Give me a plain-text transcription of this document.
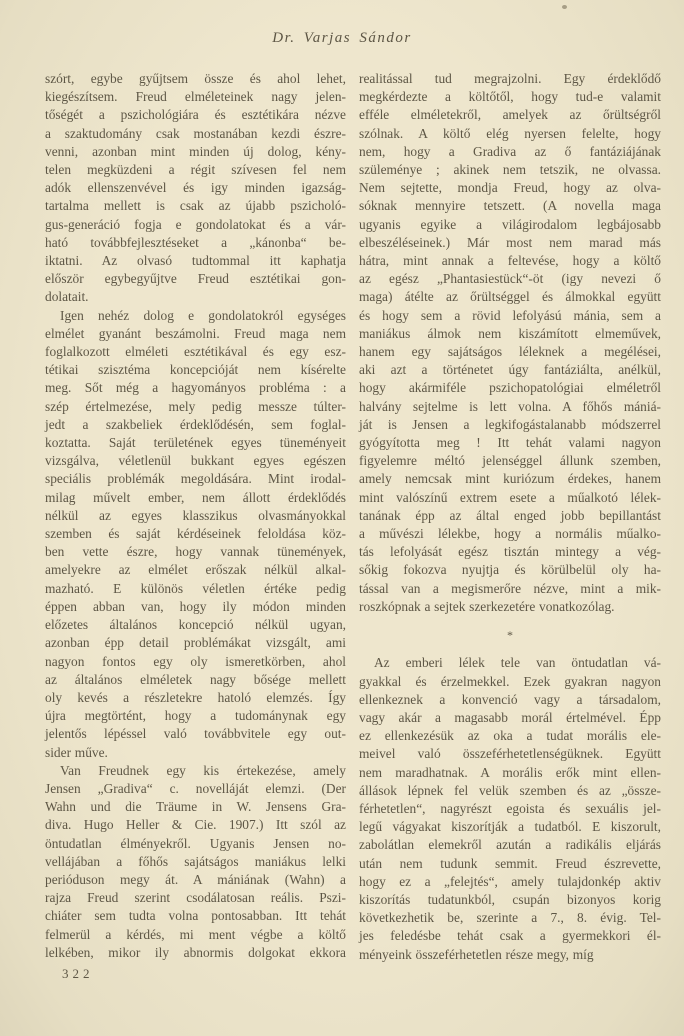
Dr. Varjas Sándor
szórt, egybe gyűjtsem össze és ahol lehet,
kiegészítsem. Freud elméleteinek nagy jelen-
tőségét a pszichológiára és esztétikára nézve
a szaktudomány csak mostanában kezdi észre-
venni, azonban mint minden új dolog, kény-
telen megküzdeni a régit szívesen fel nem
adók ellenszenvével és igy minden igazság-
tartalma mellett is csak az újabb pszicholó-
gus-generáció fogja e gondolatokat és a vár-
ható továbbfejlesztéseket a „kánonba“ be-
iktatni. Az olvasó tudtommal itt kaphatja
először egybegyűjtve Freud esztétikai gon-
dolatait.
Igen nehéz dolog e gondolatokról egységes
elmélet gyanánt beszámolni. Freud maga nem
foglalkozott elméleti esztétikával és egy esz-
tétikai szisztéma koncepcióját nem kísérelte
meg. Sőt még a hagyományos probléma : a
szép értelmezése, mely pedig messze túlter-
jedt a szakbeliek érdeklődésén, sem foglal-
koztatta. Saját területének egyes tüneményeit
vizsgálva, véletlenül bukkant egyes egészen
speciális problémák megoldására. Mint irodal-
milag művelt ember, nem állott érdeklődés
nélkül az egyes klasszikus olvasmányokkal
szemben és saját kérdéseinek feloldása köz-
ben vette észre, hogy vannak tünemények,
amelyekre az elmélet erőszak nélkül alkal-
mazható. E különös véletlen értéke pedig
éppen abban van, hogy ily módon minden
előzetes általános koncepció nélkül ugyan,
azonban épp detail problémákat vizsgált, ami
nagyon fontos egy oly ismeretkörben, ahol
az általános elméletek nagy bősége mellett
oly kevés a részletekre hatoló elemzés. Így
újra megtörtént, hogy a tudománynak egy
jelentős lépéssel való továbbvitele egy out-
sider műve.
Van Freudnek egy kis értekezése, amely
Jensen „Gradiva“ c. novelláját elemzi. (Der
Wahn und die Träume in W. Jensens Gra-
diva. Hugo Heller & Cie. 1907.) Itt szól az
öntudatlan élményekről. Ugyanis Jensen no-
vellájában a főhős sajátságos maniákus lelki
perióduson megy át. A mániának (Wahn) a
rajza Freud szerint csodálatosan reális. Pszi-
chiáter sem tudta volna pontosabban. Itt tehát
felmerül a kérdés, mi ment végbe a költő
lelkében, mikor ily abnormis dolgokat ekkora
realitással tud megrajzolni. Egy érdeklődő
megkérdezte a költőtől, hogy tud-e valamit
efféle elméletekről, amelyek az őrültségről
szólnak. A költő elég nyersen felelte, hogy
nem, hogy a Gradiva az ő fantáziájának
szüleménye ; akinek nem tetszik, ne olvassa.
Nem sejtette, mondja Freud, hogy az olva-
sóknak mennyire tetszett. (A novella maga
ugyanis egyike a világirodalom legbájosabb
elbeszéléseinek.) Már most nem marad más
hátra, mint annak a feltevése, hogy a költő
az egész „Phantasiestück“-öt (igy nevezi ő
maga) átélte az őrültséggel és álmokkal együtt
és hogy sem a rövid lefolyású mánia, sem a
maniákus álmok nem kiszámított elmeművek,
hanem egy sajátságos léleknek a megélései,
aki azt a történetet úgy fantáziálta, anélkül,
hogy akármiféle pszichopatológiai elméletről
halvány sejtelme is lett volna. A főhős mániá-
ját is Jensen a legkifogástalanabb módszerrel
gyógyította meg ! Itt tehát valami nagyon
figyelemre méltó jelenséggel állunk szemben,
amely nemcsak mint kuriózum érdekes, hanem
mint valószínű extrem esete a műalkotó lélek-
tanának épp az által enged jobb bepillantást
a művészi lélekbe, hogy a normális műalko-
tás lefolyását egész tisztán mintegy a vég-
sőkig fokozva nyujtja és körülbelül oly ha-
tással van a megismerőre nézve, mint a mik-
roszkópnak a sejtek szerkezetére vonatkozólag.
*
Az emberi lélek tele van öntudatlan vá-
gyakkal és érzelmekkel. Ezek gyakran nagyon
ellenkeznek a konvenció vagy a társadalom,
vagy akár a magasabb morál értelmével. Épp
ez ellenkezésük az oka a tudat morális ele-
meivel való összeférhetetlenségüknek. Együtt
nem maradhatnak. A morális erők mint ellen-
állások lépnek fel velük szemben és az „össze-
férhetetlen“, nagyrészt egoista és sexuális jel-
legű vágyakat kiszorítják a tudatból. E kiszorult,
zabolátlan elemekről azután a radikális eljárás
után nem tudunk semmit. Freud észrevette,
hogy ez a „felejtés“, amely tulajdonkép aktiv
kiszorítás tudatunkból, csupán bizonyos korig
következhetik be, szerinte a 7., 8. évig. Tel-
jes feledésbe tehát csak a gyermekkori él-
ményeink összeférhetetlen része megy, míg
322
